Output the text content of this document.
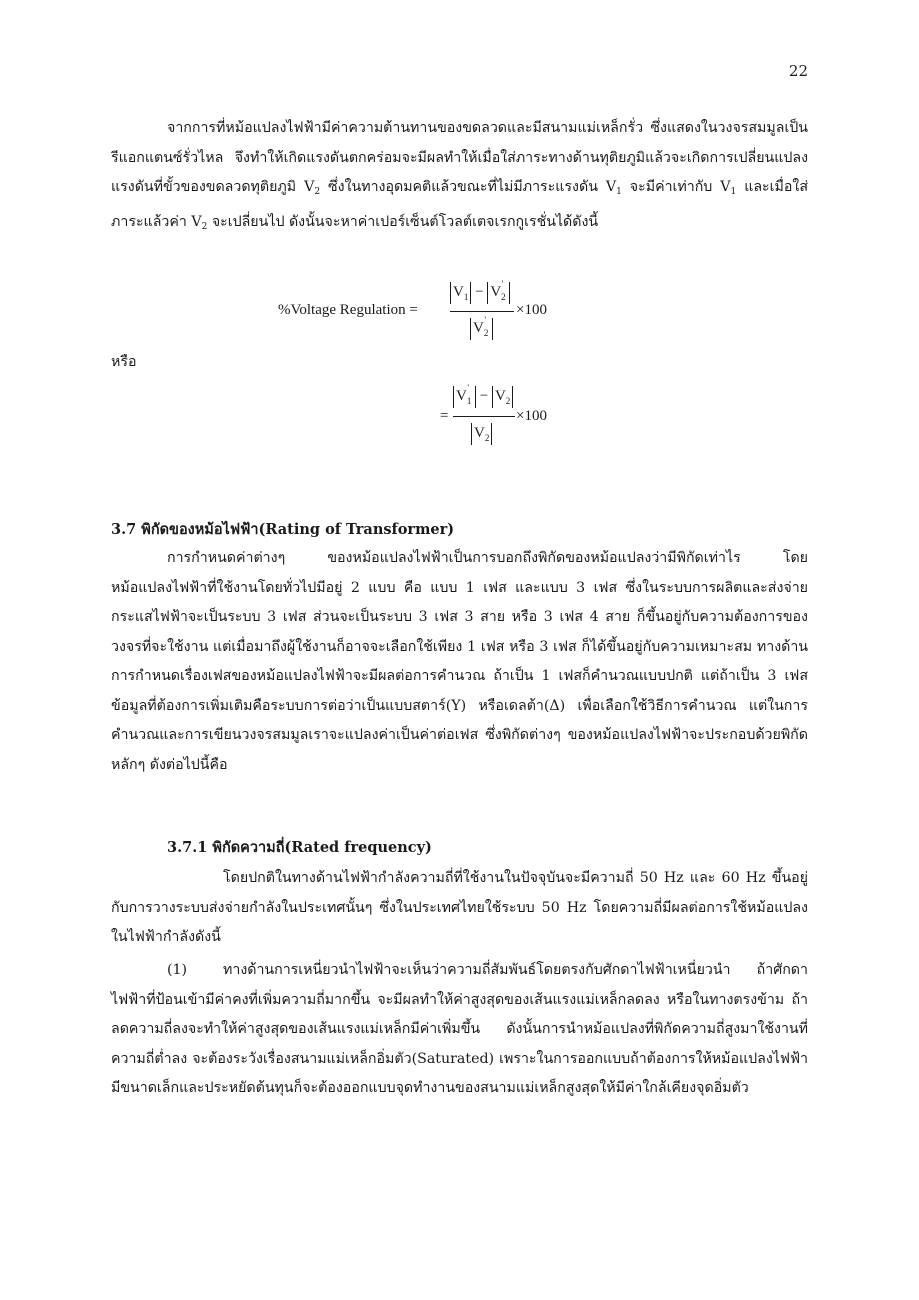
22

จากการที่หม้อแปลงไฟฟ้ามีค่าความต้านทานของขดลวดและมีสนามแม่เหล็กรั่ว ซึ่งแสดงในวงจรสมมูลเป็นรีแอกแตนซ์รั่วไหล จึงทำให้เกิดแรงดันตกคร่อมจะมีผลทำให้เมื่อใส่ภาระทางด้านทุติยภูมิแล้วจะเกิดการเปลี่ยนแปลงแรงดันที่ขั้วของขดลวดทุติยภูมิ $V_2$ ซึ่งในทางอุดมคติแล้วขณะที่ไม่มีภาระแรงดัน $V_1$ จะมีค่าเท่ากับ $V_1$ และเมื่อใส่ภาระแล้วค่า $V_2$ จะเปลี่ยนไป ดังนั้นจะหาค่าเปอร์เซ็นต์โวลต์เตจเรกกูเรชั่นได้ดังนี้

%Voltage Regulation =
$V_1 - V_2'$
$V_2'$
×100
หรือ
=
$V_1' - V_2$
$V_2$
×100
3.7 พิกัดของหม้อไฟฟ้า(Rating of Transformer)

การกำหนดค่าต่างๆ ของหม้อแปลงไฟฟ้าเป็นการบอกถึงพิกัดของหม้อแปลงว่ามีพิกัดเท่าไร โดยหม้อแปลงไฟฟ้าที่ใช้งานโดยทั่วไปมีอยู่ 2 แบบ คือ แบบ 1 เฟส และแบบ 3 เฟส ซึ่งในระบบการผลิตและส่งจ่ายกระแสไฟฟ้าจะเป็นระบบ 3 เฟส ส่วนจะเป็นระบบ 3 เฟส 3 สาย หรือ 3 เฟส 4 สาย ก็ขึ้นอยู่กับความต้องการของวงจรที่จะใช้งาน แต่เมื่อมาถึงผู้ใช้งานก็อาจจะเลือกใช้เพียง 1 เฟส หรือ 3 เฟส ก็ได้ขึ้นอยู่กับความเหมาะสม ทางด้านการกำหนดเรื่องเฟสของหม้อแปลงไฟฟ้าจะมีผลต่อการคำนวณ ถ้าเป็น 1 เฟสก็คำนวณแบบปกติ แต่ถ้าเป็น 3 เฟส ข้อมูลที่ต้องการเพิ่มเติมคือระบบการต่อว่าเป็นแบบสตาร์(Y) หรือเดลต้า(Δ) เพื่อเลือกใช้วิธีการคำนวณ แต่ในการคำนวณและการเขียนวงจรสมมูลเราจะแปลงค่าเป็นค่าต่อเฟส ซึ่งพิกัดต่างๆ ของหม้อแปลงไฟฟ้าจะประกอบด้วยพิกัดหลักๆ ดังต่อไปนี้คือ

3.7.1 พิกัดความถี่(Rated frequency)

โดยปกติในทางด้านไฟฟ้ากำลังความถี่ที่ใช้งานในปัจจุบันจะมีความถี่ 50 Hz และ 60 Hz ขึ้นอยู่กับการวางระบบส่งจ่ายกำลังในประเทศนั้นๆ ซึ่งในประเทศไทยใช้ระบบ 50 Hz โดยความถี่มีผลต่อการใช้หม้อแปลงในไฟฟ้ากำลังดังนี้

(1)	ทางด้านการเหนี่ยวนำไฟฟ้าจะเห็นว่าความถี่สัมพันธ์โดยตรงกับศักดาไฟฟ้าเหนี่ยวนำ ถ้าศักดาไฟฟ้าที่ป้อนเข้ามีค่าคงที่เพิ่มความถี่มากขึ้น จะมีผลทำให้ค่าสูงสุดของเส้นแรงแม่เหล็กลดลง หรือในทางตรงข้าม ถ้าลดความถี่ลงจะทำให้ค่าสูงสุดของเส้นแรงแม่เหล็กมีค่าเพิ่มขึ้น ดังนั้นการนำหม้อแปลงที่พิกัดความถี่สูงมาใช้งานที่ความถี่ต่ำลง จะต้องระวังเรื่องสนามแม่เหล็กอิ่มตัว(Saturated) เพราะในการออกแบบถ้าต้องการให้หม้อแปลงไฟฟ้ามีขนาดเล็กและประหยัดต้นทุนก็จะต้องออกแบบจุดทำงานของสนามแม่เหล็กสูงสุดให้มีค่าใกล้เคียงจุดอิ่มตัว
